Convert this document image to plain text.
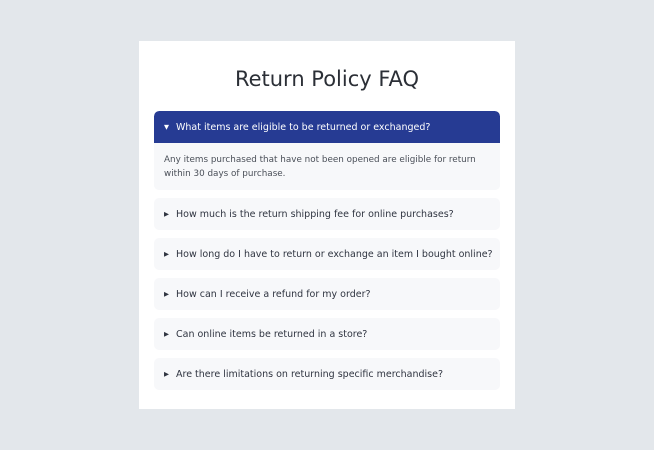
Return Policy FAQ
▼ What items are eligible to be returned or exchanged?
Any items purchased that have not been opened are eligible for return within 30 days of purchase.
▶ How much is the return shipping fee for online purchases?
▶ How long do I have to return or exchange an item I bought online?
▶ How can I receive a refund for my order?
▶ Can online items be returned in a store?
▶ Are there limitations on returning specific merchandise?
